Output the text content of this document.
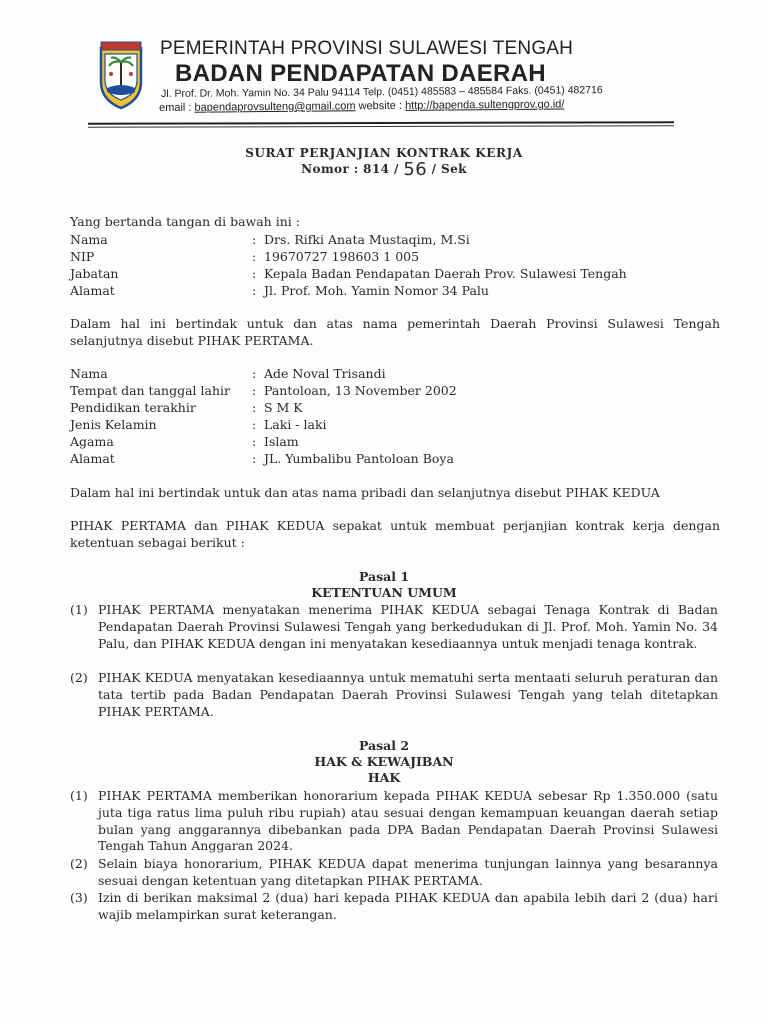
PEMERINTAH PROVINSI SULAWESI TENGAH
BADAN PENDAPATAN DAERAH
Jl. Prof. Dr. Moh. Yamin No. 34 Palu 94114 Telp. (0451) 485583 – 485584 Faks. (0451) 482716
email : bapendaprovsulteng@gmail.com website : http://bapenda.sultengprov.go.id/
SURAT PERJANJIAN KONTRAK KERJA
Nomor : 814 / 56 / Sek
Yang bertanda tangan di bawah ini :
Nama	: Drs. Rifki Anata Mustaqim, M.Si
NIP	: 19670727 198603 1 005
Jabatan	: Kepala Badan Pendapatan Daerah Prov. Sulawesi Tengah
Alamat	: Jl. Prof. Moh. Yamin Nomor 34 Palu
Dalam hal ini bertindak untuk dan atas nama pemerintah Daerah Provinsi Sulawesi Tengah selanjutnya disebut PIHAK PERTAMA.
Nama	: Ade Noval Trisandi
Tempat dan tanggal lahir : Pantoloan, 13 November 2002
Pendidikan terakhir	: S M K
Jenis Kelamin	: Laki - laki
Agama	: Islam
Alamat	: JL. Yumbalibu Pantoloan Boya
Dalam hal ini bertindak untuk dan atas nama pribadi dan selanjutnya disebut PIHAK KEDUA
PIHAK PERTAMA dan PIHAK KEDUA sepakat untuk membuat perjanjian kontrak kerja dengan ketentuan sebagai berikut :
Pasal 1
KETENTUAN UMUM
(1) PIHAK PERTAMA menyatakan menerima PIHAK KEDUA sebagai Tenaga Kontrak di Badan Pendapatan Daerah Provinsi Sulawesi Tengah yang berkedudukan di Jl. Prof. Moh. Yamin No. 34 Palu, dan PIHAK KEDUA dengan ini menyatakan kesediaannya untuk menjadi tenaga kontrak.
(2) PIHAK KEDUA menyatakan kesediaannya untuk mematuhi serta mentaati seluruh peraturan dan tata tertib pada Badan Pendapatan Daerah Provinsi Sulawesi Tengah yang telah ditetapkan PIHAK PERTAMA.
Pasal 2
HAK & KEWAJIBAN
HAK
(1) PIHAK PERTAMA memberikan honorarium kepada PIHAK KEDUA sebesar Rp 1.350.000 (satu juta tiga ratus lima puluh ribu rupiah) atau sesuai dengan kemampuan keuangan daerah setiap bulan yang anggarannya dibebankan pada DPA Badan Pendapatan Daerah Provinsi Sulawesi Tengah Tahun Anggaran 2024.
(2) Selain biaya honorarium, PIHAK KEDUA dapat menerima tunjungan lainnya yang besarannya sesuai dengan ketentuan yang ditetapkan PIHAK PERTAMA.
(3) Izin di berikan maksimal 2 (dua) hari kepada PIHAK KEDUA dan apabila lebih dari 2 (dua) hari wajib melampirkan surat keterangan.
